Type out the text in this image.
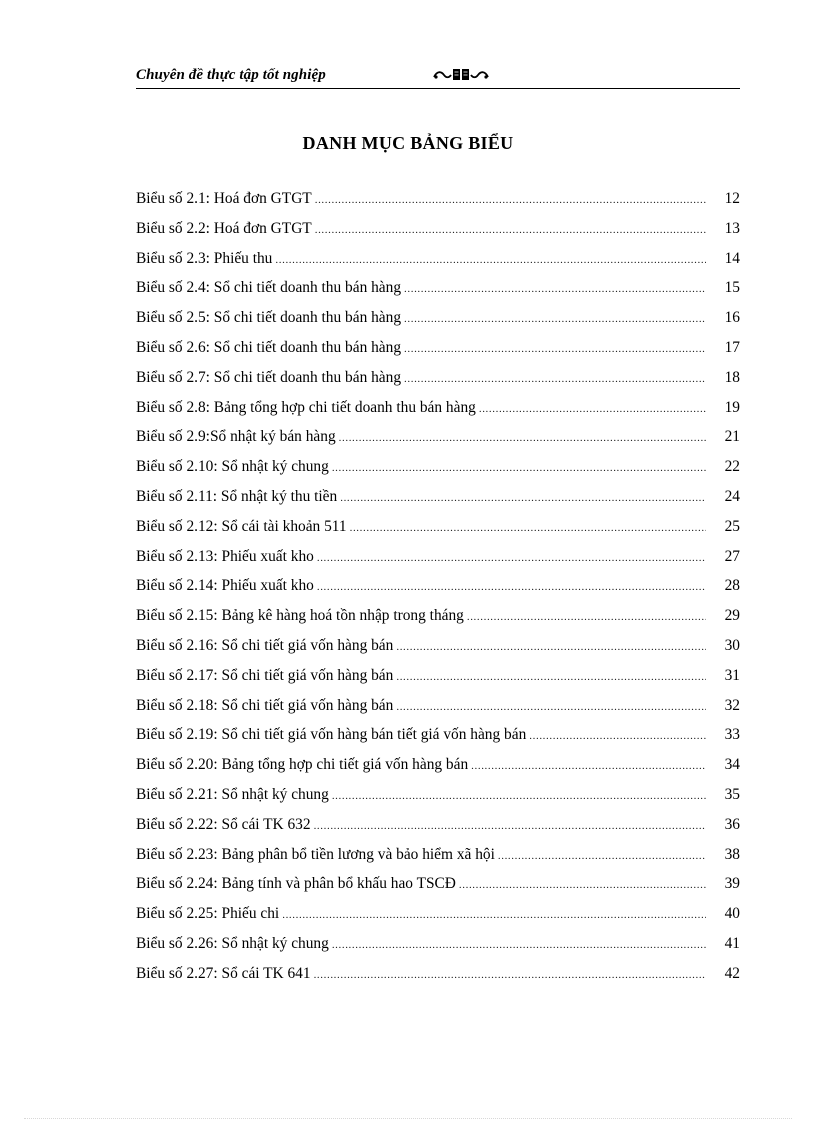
Chuyên đề thực tập tốt nghiệp
DANH MỤC BẢNG BIỂU
Biểu số 2.1: Hoá đơn GTGT .....	12
Biểu số 2.2: Hoá đơn GTGT .....	13
Biểu số 2.3: Phiếu thu .....	14
Biểu số 2.4: Sổ chi tiết doanh thu bán hàng .....	15
Biểu số 2.5: Sổ chi tiết doanh thu bán hàng .....	16
Biểu số 2.6: Sổ chi tiết doanh thu bán hàng .....	17
Biểu số 2.7: Sổ chi tiết doanh thu bán hàng .....	18
Biểu số 2.8: Bảng tổng hợp chi tiết doanh thu bán hàng .....	19
Biểu số 2.9:Sổ nhật ký bán hàng .....	21
Biểu số 2.10: Sổ nhật ký chung .....	22
Biểu số 2.11: Sổ nhật ký thu tiền .....	24
Biểu số 2.12: Sổ cái tài khoản 511 .....	25
Biểu số 2.13: Phiếu xuất kho .....	27
Biểu số 2.14: Phiếu xuất kho .....	28
Biểu số 2.15: Bảng kê hàng hoá tồn nhập trong tháng .....	29
Biểu số 2.16: Sổ chi tiết giá vốn hàng bán .....	30
Biểu số 2.17: Sổ chi tiết giá vốn hàng bán .....	31
Biểu số 2.18: Sổ chi tiết giá vốn hàng bán .....	32
Biểu số 2.19: Sổ chi tiết giá vốn hàng bán tiết giá vốn hàng bán .....	33
Biểu số 2.20: Bảng tổng hợp chi tiết giá vốn hàng bán .....	34
Biểu số 2.21: Sổ nhật ký chung .....	35
Biểu số 2.22: Sổ cái TK 632 .....	36
Biểu số 2.23: Bảng phân bổ tiền lương và bảo hiểm xã hội .....	38
Biểu số 2.24: Bảng tính và phân bổ khấu hao TSCĐ .....	39
Biểu số 2.25: Phiếu chi .....	40
Biểu số 2.26: Sổ nhật ký chung .....	41
Biểu số 2.27: Sổ cái TK 641 .....	42
